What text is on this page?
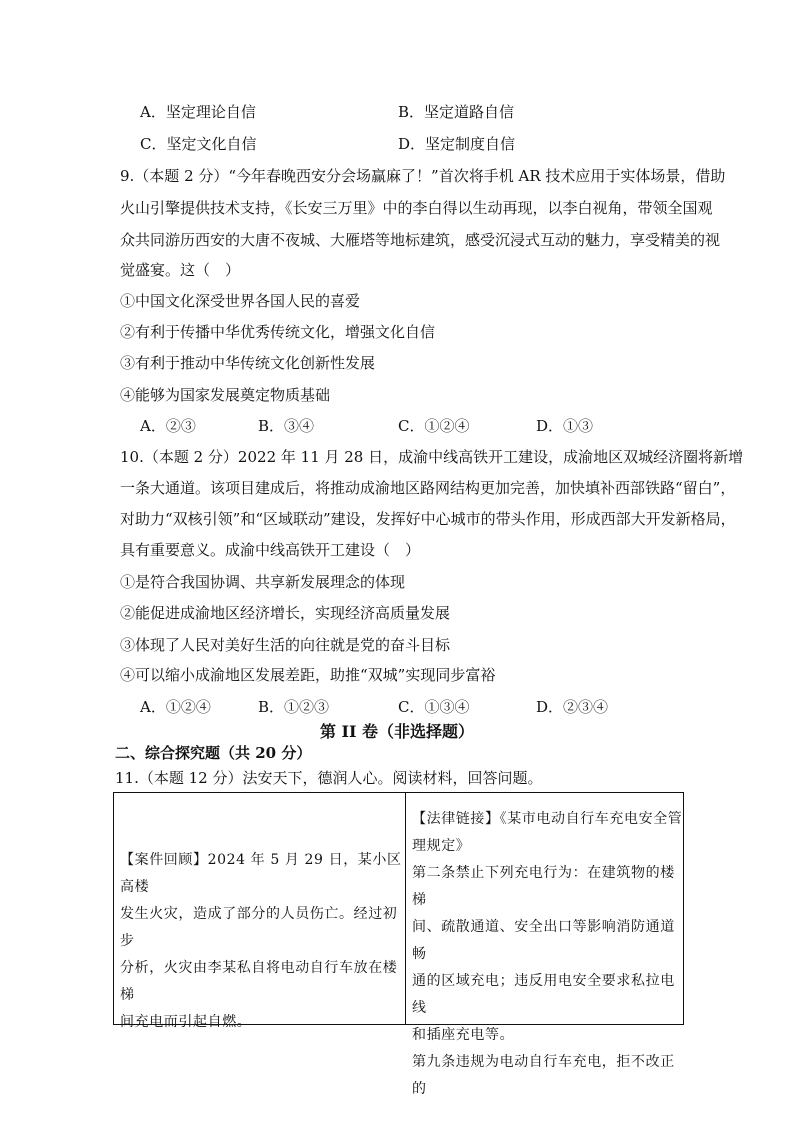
A．坚定理论自信	B．坚定道路自信
C．坚定文化自信	D．坚定制度自信
9.（本题 2 分）“今年春晚西安分会场赢麻了！”首次将手机 AR 技术应用于实体场景，借助
火山引擎提供技术支持，《长安三万里》中的李白得以生动再现，以李白视角，带领全国观
众共同游历西安的大唐不夜城、大雁塔等地标建筑，感受沉浸式互动的魅力，享受精美的视
觉盛宴。这（　）
①中国文化深受世界各国人民的喜爱
②有利于传播中华优秀传统文化，增强文化自信
③有利于推动中华传统文化创新性发展
④能够为国家发展奠定物质基础
A．②③	B．③④	C．①②④	D．①③
10.（本题 2 分）2022 年 11 月 28 日，成渝中线高铁开工建设，成渝地区双城经济圈将新增
一条大通道。该项目建成后，将推动成渝地区路网结构更加完善，加快填补西部铁路“留白”，
对助力“双核引领”和“区域联动”建设，发挥好中心城市的带头作用，形成西部大开发新格局，
具有重要意义。成渝中线高铁开工建设（　）
①是符合我国协调、共享新发展理念的体现
②能促进成渝地区经济增长，实现经济高质量发展
③体现了人民对美好生活的向往就是党的奋斗目标
④可以缩小成渝地区发展差距，助推“双城”实现同步富裕
A．①②④	B．①②③	C．①③④	D．②③④
第 II 卷（非选择题）
二、综合探究题（共 20 分）
11.（本题 12 分）法安天下，德润人心。阅读材料，回答问题。
【案件回顾】2024 年 5 月 29 日，某小区高楼
发生火灾，造成了部分的人员伤亡。经过初步
分析，火灾由李某私自将电动自行车放在楼梯
间充电而引起自燃。

【法律链接】《某市电动自行车充电安全管
理规定》
第二条禁止下列充电行为：在建筑物的楼梯
间、疏散通道、安全出口等影响消防通道畅
通的区域充电；违反用电安全要求私拉电线
和插座充电等。
第九条违规为电动自行车充电，拒不改正的
